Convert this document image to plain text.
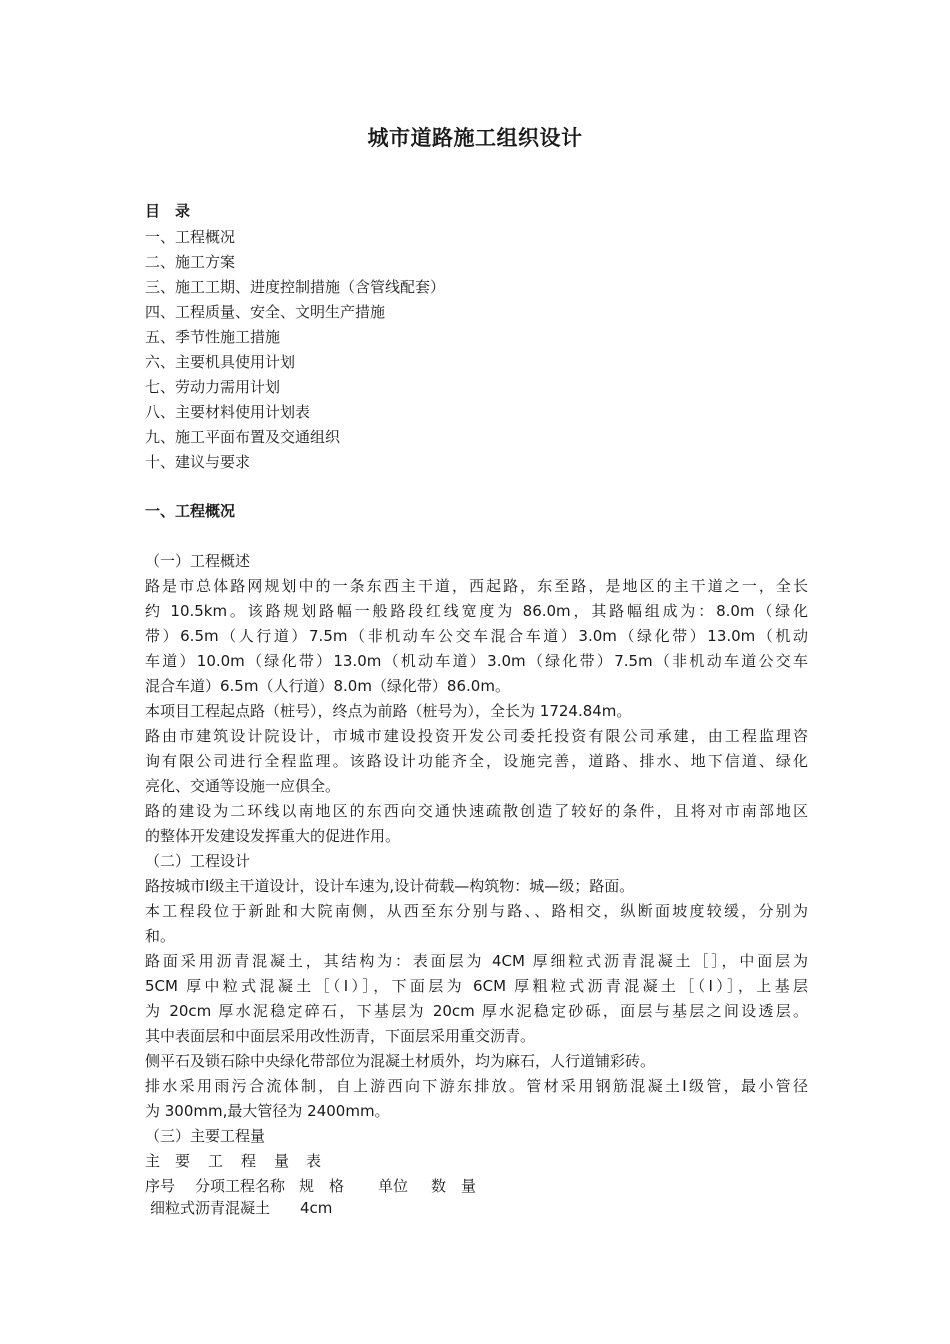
城市道路施工组织设计
目　录
一、工程概况
二、施工方案
三、施工工期、进度控制措施（含管线配套）
四、工程质量、安全、文明生产措施
五、季节性施工措施
六、主要机具使用计划
七、劳动力需用计划
八、主要材料使用计划表
九、施工平面布置及交通组织
十、建议与要求
一、工程概况
（一）工程概述
路是市总体路网规划中的一条东西主干道，西起路，东至路，是地区的主干道之一，全长
约 10.5km。该路规划路幅一般路段红线宽度为 86.0m，其路幅组成为：8.0m（绿化
带）6.5m（人行道）7.5m（非机动车公交车混合车道）3.0m（绿化带）13.0m（机动
车道）10.0m（绿化带）13.0m（机动车道）3.0m（绿化带）7.5m（非机动车道公交车
混合车道）6.5m（人行道）8.0m（绿化带）86.0m。
本项目工程起点路（桩号），终点为前路（桩号为），全长为 1724.84m。
路由市建筑设计院设计，市城市建设投资开发公司委托投资有限公司承建，由工程监理咨
询有限公司进行全程监理。该路设计功能齐全，设施完善，道路、排水、地下信道、绿化
亮化、交通等设施一应俱全。
路的建设为二环线以南地区的东西向交通快速疏散创造了较好的条件，且将对市南部地区
的整体开发建设发挥重大的促进作用。
（二）工程设计
路按城市Ⅰ级主干道设计，设计车速为,设计荷载—构筑物：城—级；路面。
本工程段位于新趾和大院南侧，从西至东分别与路、、路相交，纵断面坡度较缓，分别为
和。
路面采用沥青混凝土，其结构为：表面层为 4CM 厚细粒式沥青混凝土［］，中面层为
5CM 厚中粒式混凝土［（Ⅰ）］，下面层为 6CM 厚粗粒式沥青混凝土［（Ⅰ）］，上基层
为 20cm 厚水泥稳定碎石，下基层为 20cm 厚水泥稳定砂砾，面层与基层之间设透层。
其中表面层和中面层采用改性沥青，下面层采用重交沥青。
侧平石及锁石除中央绿化带部位为混凝土材质外，均为麻石，人行道铺彩砖。
排水采用雨污合流体制，自上游西向下游东排放。管材采用钢筋混凝土Ⅰ级管，最小管径
为 300mm,最大管径为 2400mm。
（三）主要工程量
主 要 工 程 量 表
序号 分项工程名称 规　格 单位 数　量
细粒式沥青混凝土 4cm
